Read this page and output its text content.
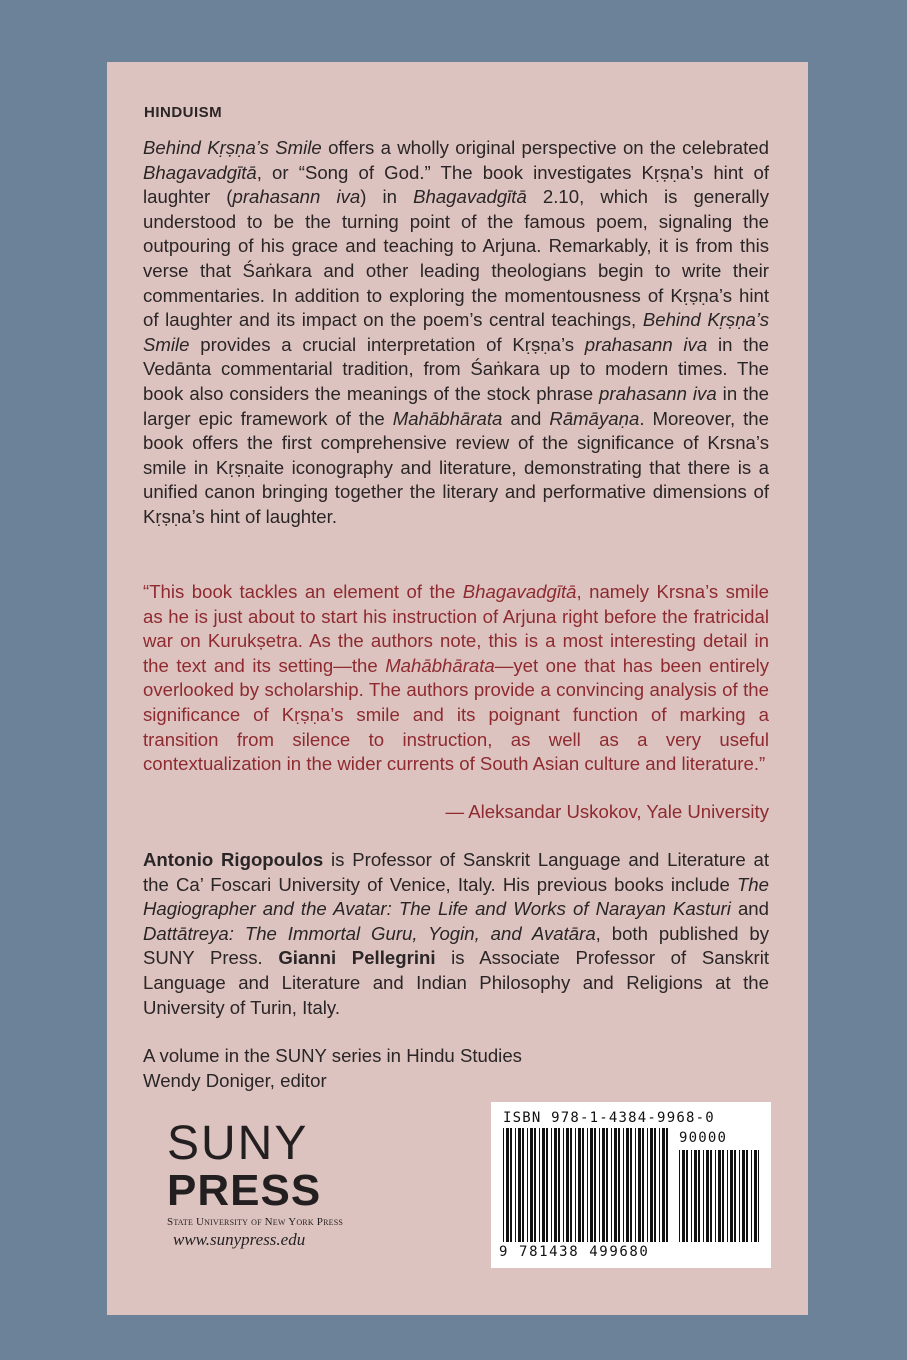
HINDUISM

Behind Kṛṣṇa’s Smile offers a wholly original perspective on the celebrated Bhagavadgītā, or “Song of God.” The book investigates Kṛṣṇa’s hint of laughter (prahasann iva) in Bhagavadgītā 2.10, which is generally understood to be the turning point of the famous poem, signaling the outpouring of his grace and teaching to Arjuna. Remarkably, it is from this verse that Śaṅkara and other leading theologians begin to write their commentaries. In addition to exploring the momentousness of Kṛṣṇa’s hint of laughter and its impact on the poem’s central teachings, Behind Kṛṣṇa’s Smile provides a crucial interpretation of Kṛṣṇa’s prahasann iva in the Vedānta commentarial tradition, from Śaṅkara up to modern times. The book also considers the meanings of the stock phrase prahasann iva in the larger epic framework of the Mahābhārata and Rāmāyaṇa. Moreover, the book offers the first comprehensive review of the significance of Krsna’s smile in Kṛṣṇaite iconography and literature, demonstrating that there is a unified canon bringing together the literary and performative dimensions of Kṛṣṇa’s hint of laughter.

“This book tackles an element of the Bhagavadgītā, namely Krsna’s smile as he is just about to start his instruction of Arjuna right before the fratricidal war on Kurukṣetra. As the authors note, this is a most interesting detail in the text and its setting—the Mahābhārata—yet one that has been entirely overlooked by scholarship. The authors provide a convincing analysis of the significance of Kṛṣṇa’s smile and its poignant function of marking a transition from silence to instruction, as well as a very useful contextualization in the wider currents of South Asian culture and literature.”

— Aleksandar Uskokov, Yale University

Antonio Rigopoulos is Professor of Sanskrit Language and Literature at the Ca’ Foscari University of Venice, Italy. His previous books include The Hagiographer and the Avatar: The Life and Works of Narayan Kasturi and Dattātreya: The Immortal Guru, Yogin, and Avatāra, both published by SUNY Press. Gianni Pellegrini is Associate Professor of Sanskrit Language and Literature and Indian Philosophy and Religions at the University of Turin, Italy.

A volume in the SUNY series in Hindu Studies
Wendy Doniger, editor
SUNY
PRESS
State University of New York Press
www.sunypress.edu
ISBN 978-1-4384-9968-0
90000
9 781438 499680
